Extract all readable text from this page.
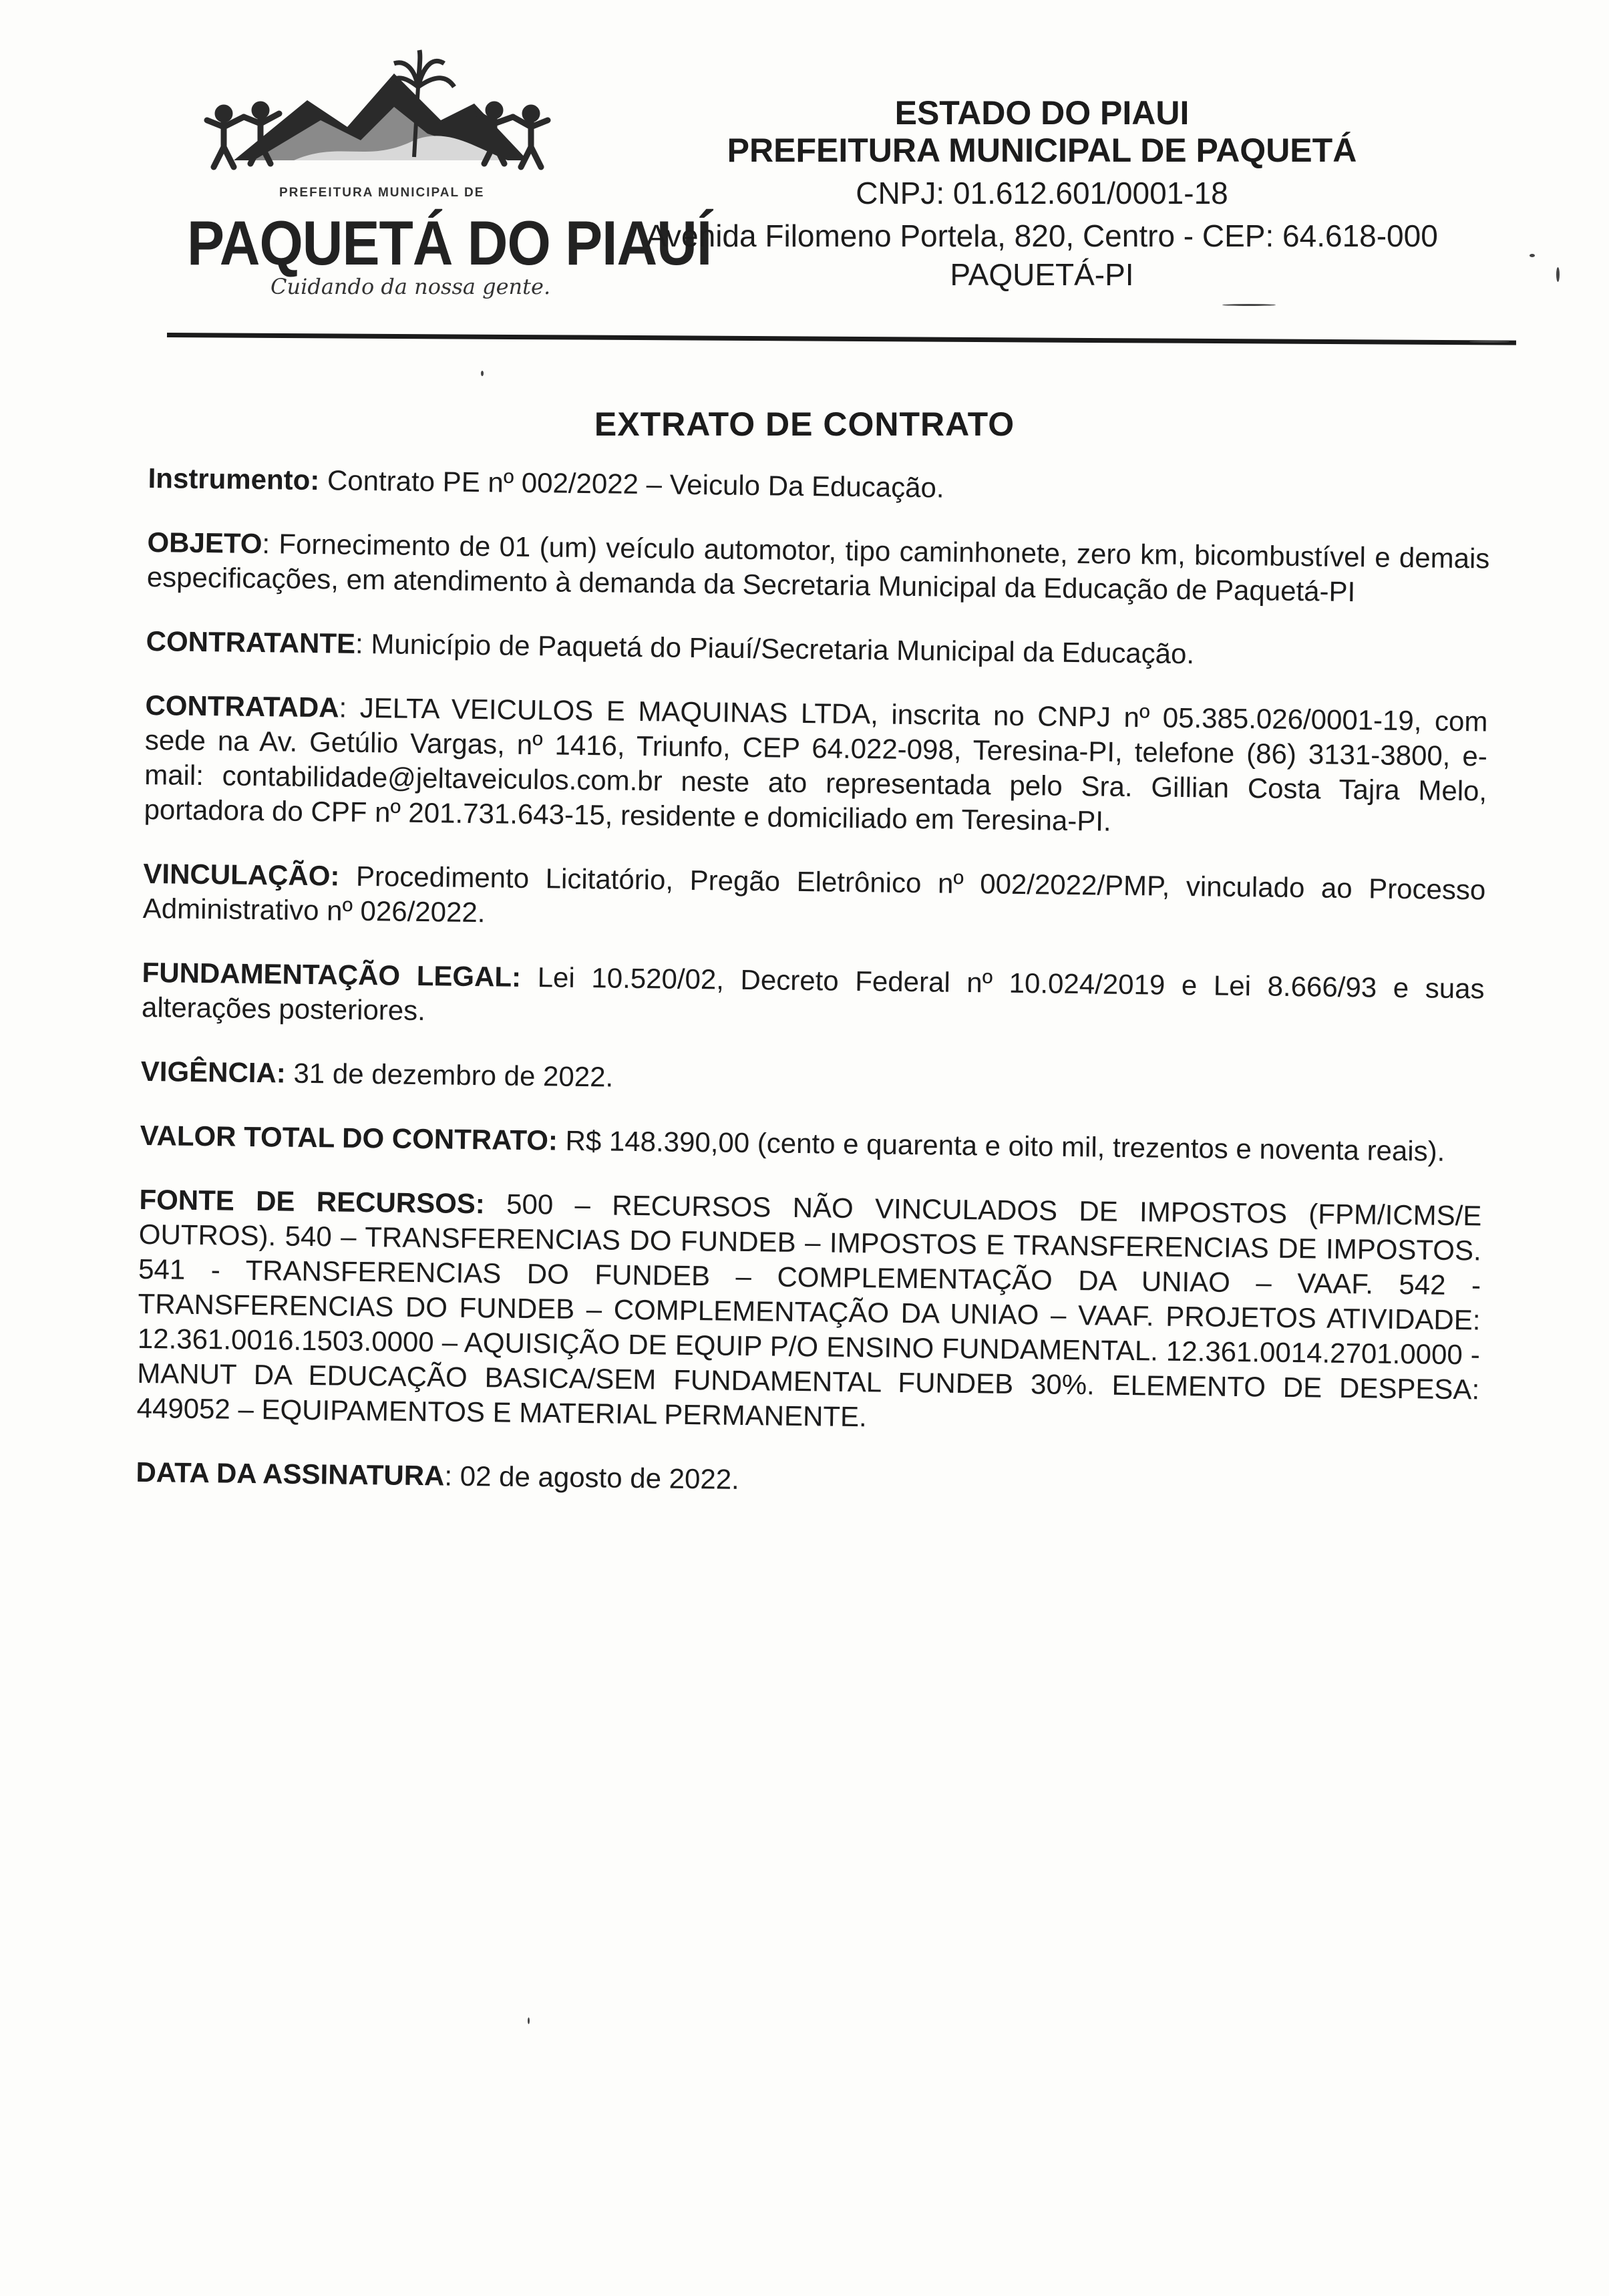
PREFEITURA MUNICIPAL DE
PAQUETÁ DO PIAUÍ
Cuidando da nossa gente.
ESTADO DO PIAUI
PREFEITURA MUNICIPAL DE PAQUETÁ
CNPJ: 01.612.601/0001-18
Avenida Filomeno Portela, 820, Centro - CEP: 64.618-000
PAQUETÁ-PI
EXTRATO DE CONTRATO

Instrumento: Contrato PE nº 002/2022 – Veiculo Da Educação.

OBJETO: Fornecimento de 01 (um) veículo automotor, tipo caminhonete, zero km, bicombustível e demais especificações, em atendimento à demanda da Secretaria Municipal da Educação de Paquetá-PI

CONTRATANTE: Município de Paquetá do Piauí/Secretaria Municipal da Educação.

CONTRATADA: JELTA VEICULOS E MAQUINAS LTDA, inscrita no CNPJ nº 05.385.026/0001-19, com sede na Av. Getúlio Vargas, nº 1416, Triunfo, CEP 64.022-098, Teresina-PI, telefone (86) 3131-3800, e-mail: contabilidade@jeltaveiculos.com.br neste ato representada pelo Sra. Gillian Costa Tajra Melo, portadora do CPF nº 201.731.643-15, residente e domiciliado em Teresina-PI.

VINCULAÇÃO: Procedimento Licitatório, Pregão Eletrônico nº 002/2022/PMP, vinculado ao Processo Administrativo nº 026/2022.

FUNDAMENTAÇÃO LEGAL: Lei 10.520/02, Decreto Federal nº 10.024/2019 e Lei 8.666/93 e suas alterações posteriores.

VIGÊNCIA: 31 de dezembro de 2022.

VALOR TOTAL DO CONTRATO: R$ 148.390,00 (cento e quarenta e oito mil, trezentos e noventa reais).

FONTE DE RECURSOS: 500 – RECURSOS NÃO VINCULADOS DE IMPOSTOS (FPM/ICMS/E OUTROS). 540 – TRANSFERENCIAS DO FUNDEB – IMPOSTOS E TRANSFERENCIAS DE IMPOSTOS. 541 - TRANSFERENCIAS DO FUNDEB – COMPLEMENTAÇÃO DA UNIAO – VAAF. 542 - TRANSFERENCIAS DO FUNDEB – COMPLEMENTAÇÃO DA UNIAO – VAAF. PROJETOS ATIVIDADE: 12.361.0016.1503.0000 – AQUISIÇÃO DE EQUIP P/O ENSINO FUNDAMENTAL. 12.361.0014.2701.0000 - MANUT DA EDUCAÇÃO BASICA/SEM FUNDAMENTAL FUNDEB 30%. ELEMENTO DE DESPESA: 449052 – EQUIPAMENTOS E MATERIAL PERMANENTE.

DATA DA ASSINATURA: 02 de agosto de 2022.
